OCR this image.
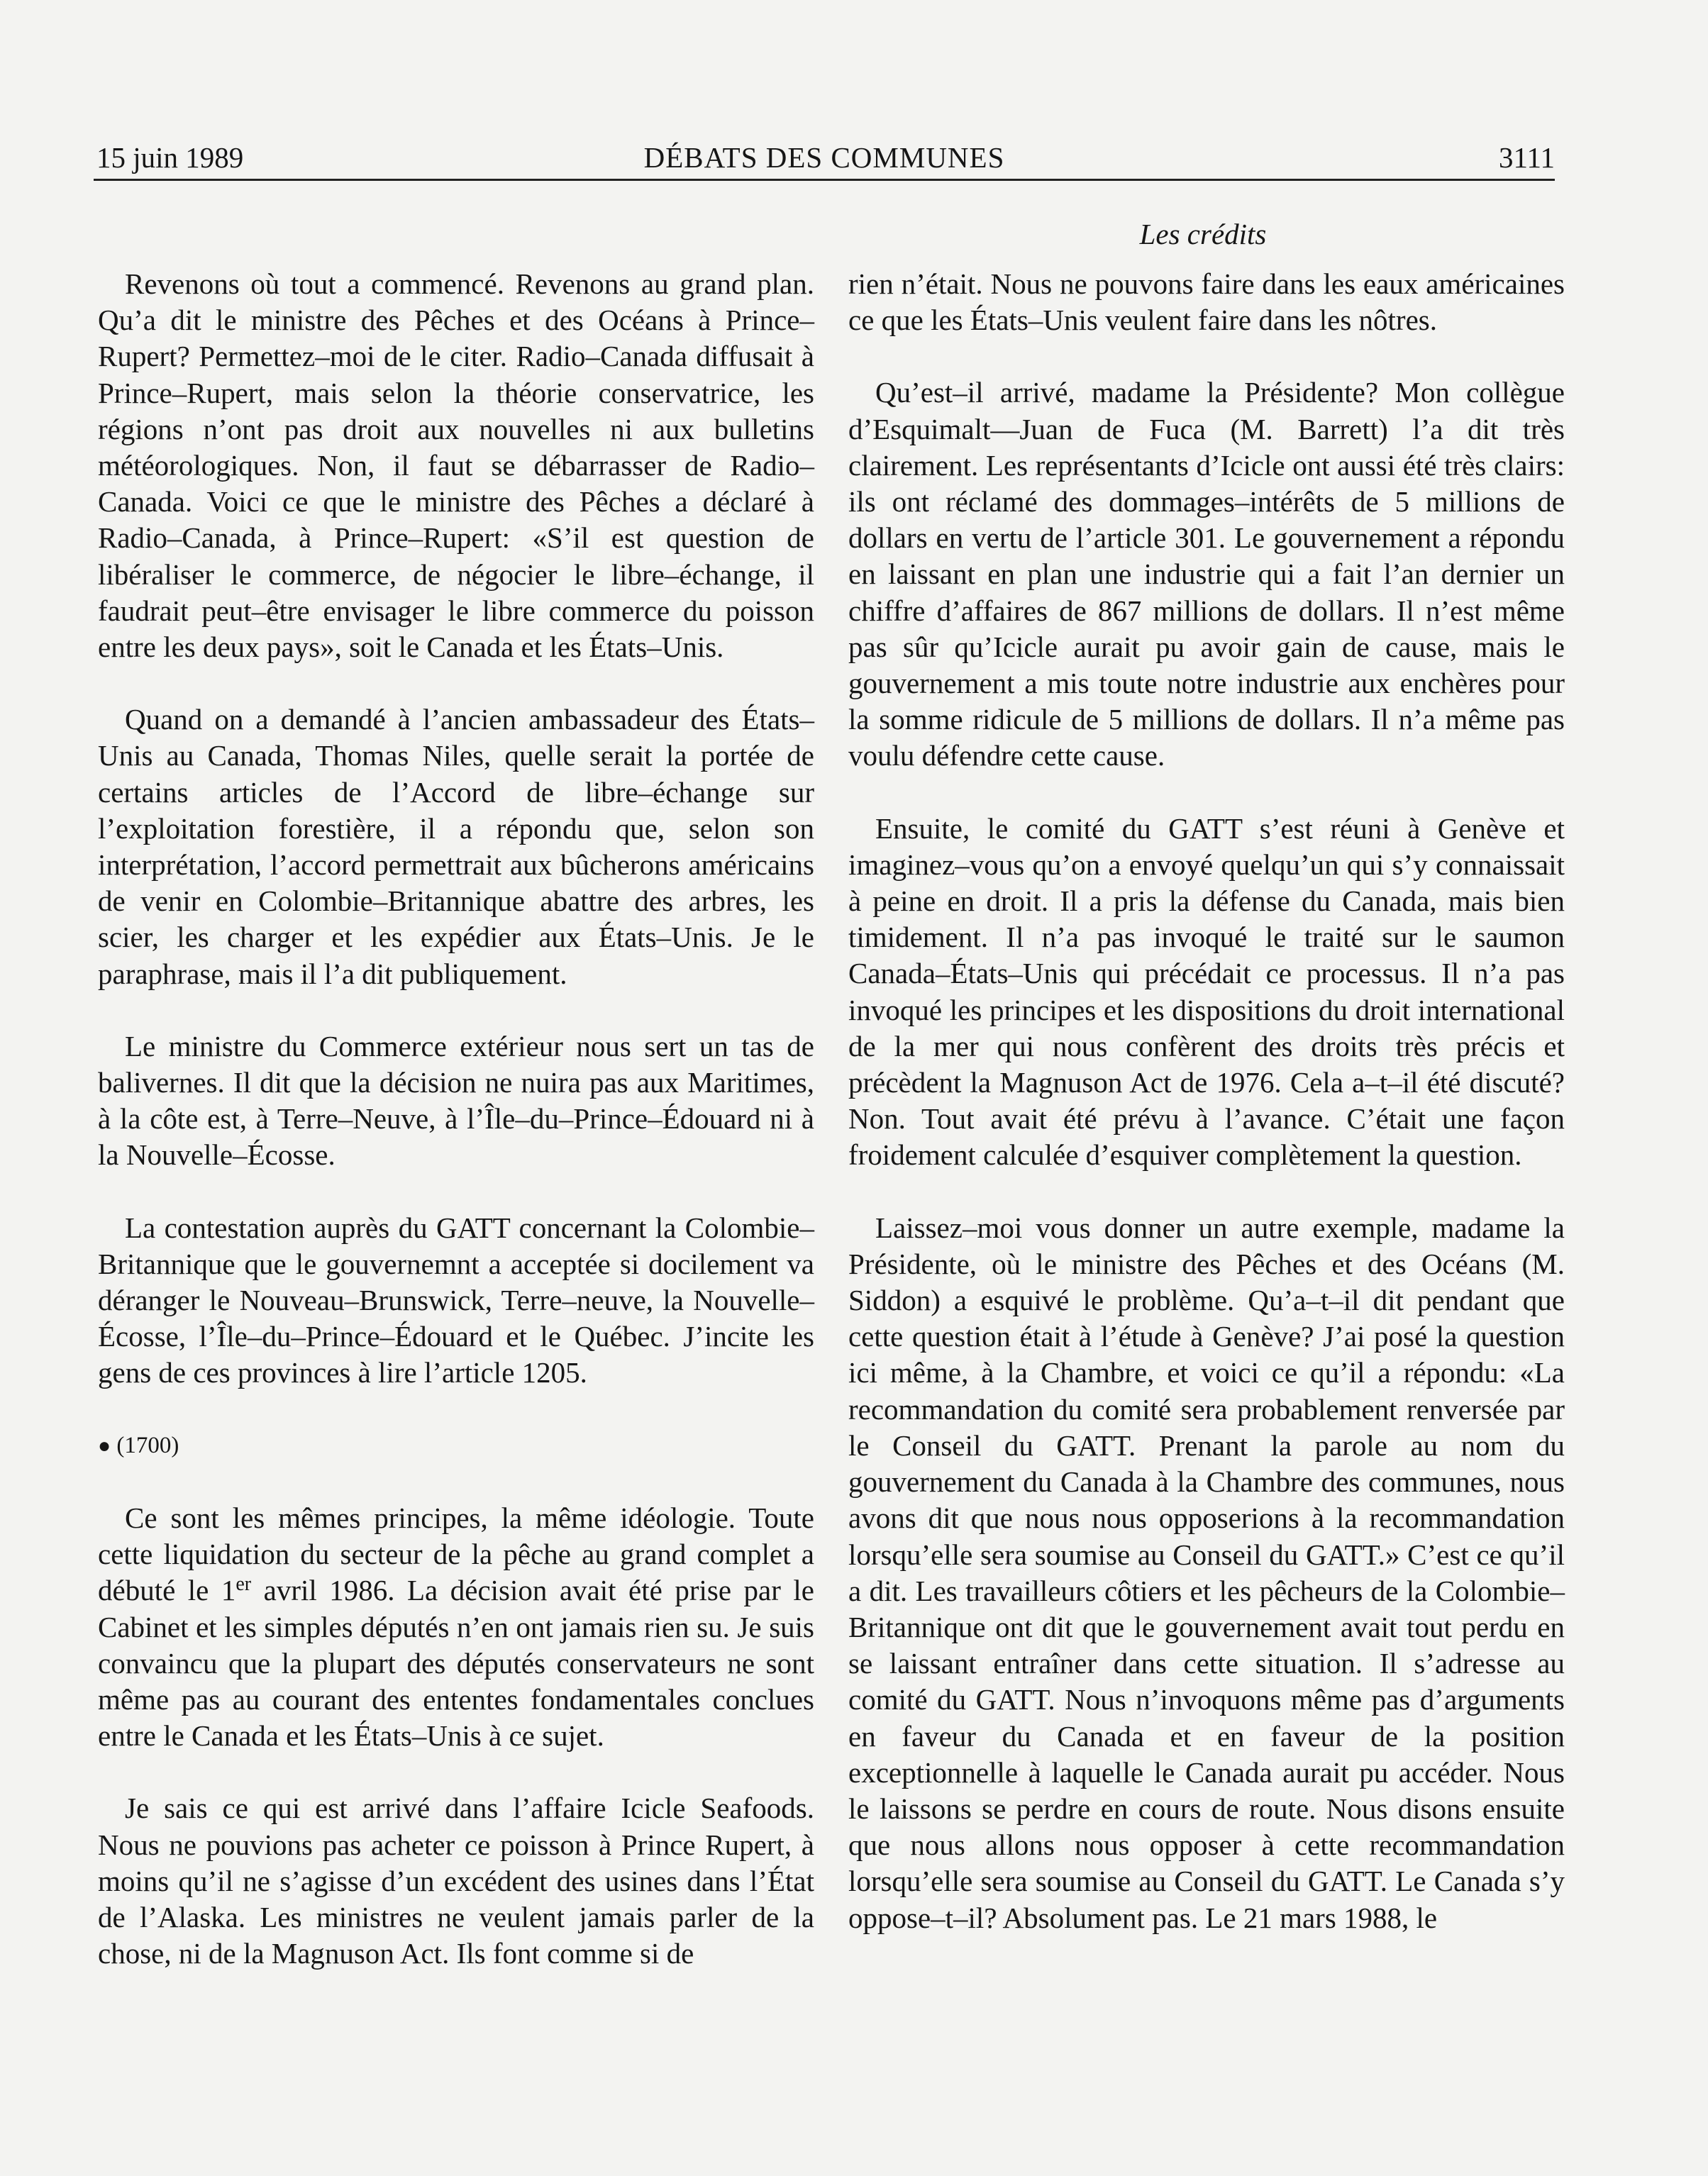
15 juin 1989	DÉBATS DES COMMUNES	3111
Les crédits

Revenons où tout a commencé. Revenons au grand plan. Qu’a dit le ministre des Pêches et des Océans à Prince–Rupert? Permettez–moi de le citer. Radio–Canada diffusait à Prince–Rupert, mais selon la théorie conservatrice, les régions n’ont pas droit aux nouvelles ni aux bulletins météorologiques. Non, il faut se débarrasser de Radio–Canada. Voici ce que le ministre des Pêches a déclaré à Radio–Canada, à Prince–Rupert: «S’il est question de libéraliser le commerce, de négocier le libre–échange, il faudrait peut–être envisager le libre commerce du poisson entre les deux pays», soit le Canada et les États–Unis.

Quand on a demandé à l’ancien ambassadeur des États–Unis au Canada, Thomas Niles, quelle serait la portée de certains articles de l’Accord de libre–échange sur l’exploitation forestière, il a répondu que, selon son interprétation, l’accord permettrait aux bûcherons américains de venir en Colombie–Britannique abattre des arbres, les scier, les charger et les expédier aux États–Unis. Je le paraphrase, mais il l’a dit publiquement.

Le ministre du Commerce extérieur nous sert un tas de balivernes. Il dit que la décision ne nuira pas aux Maritimes, à la côte est, à Terre–Neuve, à l’Île–du–Prince–Édouard ni à la Nouvelle–Écosse.

La contestation auprès du GATT concernant la Colombie–Britannique que le gouvernemnt a acceptée si docilement va déranger le Nouveau–Brunswick, Terre–neuve, la Nouvelle–Écosse, l’Île–du–Prince–Édouard et le Québec. J’incite les gens de ces provinces à lire l’article 1205.

● (1700)

Ce sont les mêmes principes, la même idéologie. Toute cette liquidation du secteur de la pêche au grand complet a débuté le 1er avril 1986. La décision avait été prise par le Cabinet et les simples députés n’en ont jamais rien su. Je suis convaincu que la plupart des députés conservateurs ne sont même pas au courant des ententes fondamentales conclues entre le Canada et les États–Unis à ce sujet.

Je sais ce qui est arrivé dans l’affaire Icicle Seafoods. Nous ne pouvions pas acheter ce poisson à Prince Rupert, à moins qu’il ne s’agisse d’un excédent des usines dans l’État de l’Alaska. Les ministres ne veulent jamais parler de la chose, ni de la Magnuson Act. Ils font comme si de

rien n’était. Nous ne pouvons faire dans les eaux américaines ce que les États–Unis veulent faire dans les nôtres.

Qu’est–il arrivé, madame la Présidente? Mon collègue d’Esquimalt—Juan de Fuca (M. Barrett) l’a dit très clairement. Les représentants d’Icicle ont aussi été très clairs: ils ont réclamé des dommages–intérêts de 5 millions de dollars en vertu de l’article 301. Le gouvernement a répondu en laissant en plan une industrie qui a fait l’an dernier un chiffre d’affaires de 867 millions de dollars. Il n’est même pas sûr qu’Icicle aurait pu avoir gain de cause, mais le gouvernement a mis toute notre industrie aux enchères pour la somme ridicule de 5 millions de dollars. Il n’a même pas voulu défendre cette cause.

Ensuite, le comité du GATT s’est réuni à Genève et imaginez–vous qu’on a envoyé quelqu’un qui s’y connaissait à peine en droit. Il a pris la défense du Canada, mais bien timidement. Il n’a pas invoqué le traité sur le saumon Canada–États–Unis qui précédait ce processus. Il n’a pas invoqué les principes et les dispositions du droit international de la mer qui nous confèrent des droits très précis et précèdent la Magnuson Act de 1976. Cela a–t–il été discuté? Non. Tout avait été prévu à l’avance. C’était une façon froidement calculée d’esquiver complètement la question.

Laissez–moi vous donner un autre exemple, madame la Présidente, où le ministre des Pêches et des Océans (M. Siddon) a esquivé le problème. Qu’a–t–il dit pendant que cette question était à l’étude à Genève? J’ai posé la question ici même, à la Chambre, et voici ce qu’il a répondu: «La recommandation du comité sera probablement renversée par le Conseil du GATT. Prenant la parole au nom du gouvernement du Canada à la Chambre des communes, nous avons dit que nous nous opposerions à la recommandation lorsqu’elle sera soumise au Conseil du GATT.» C’est ce qu’il a dit. Les travailleurs côtiers et les pêcheurs de la Colombie–Britannique ont dit que le gouvernement avait tout perdu en se laissant entraîner dans cette situation. Il s’adresse au comité du GATT. Nous n’invoquons même pas d’arguments en faveur du Canada et en faveur de la position exceptionnelle à laquelle le Canada aurait pu accéder. Nous le laissons se perdre en cours de route. Nous disons ensuite que nous allons nous opposer à cette recommandation lorsqu’elle sera soumise au Conseil du GATT. Le Canada s’y oppose–t–il? Absolument pas. Le 21 mars 1988, le
